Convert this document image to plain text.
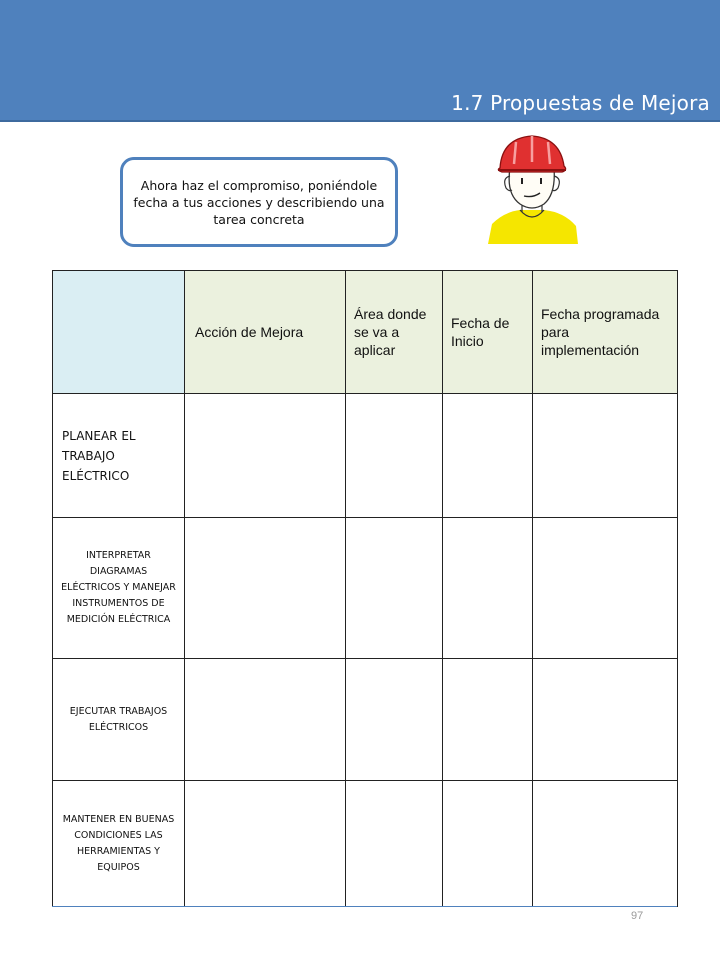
1.7 Propuestas de Mejora
Ahora haz el compromiso, poniéndole fecha a tus acciones y describiendo una tarea concreta
	Acción de Mejora	Área donde se va a aplicar	Fecha de Inicio	Fecha programada para implementación
PLANEAR EL TRABAJO ELÉCTRICO				
INTERPRETAR DIAGRAMAS ELÉCTRICOS Y MANEJAR INSTRUMENTOS DE MEDICIÓN ELÉCTRICA				
EJECUTAR TRABAJOS ELÉCTRICOS				
MANTENER EN BUENAS CONDICIONES LAS HERRAMIENTAS Y EQUIPOS				
97
